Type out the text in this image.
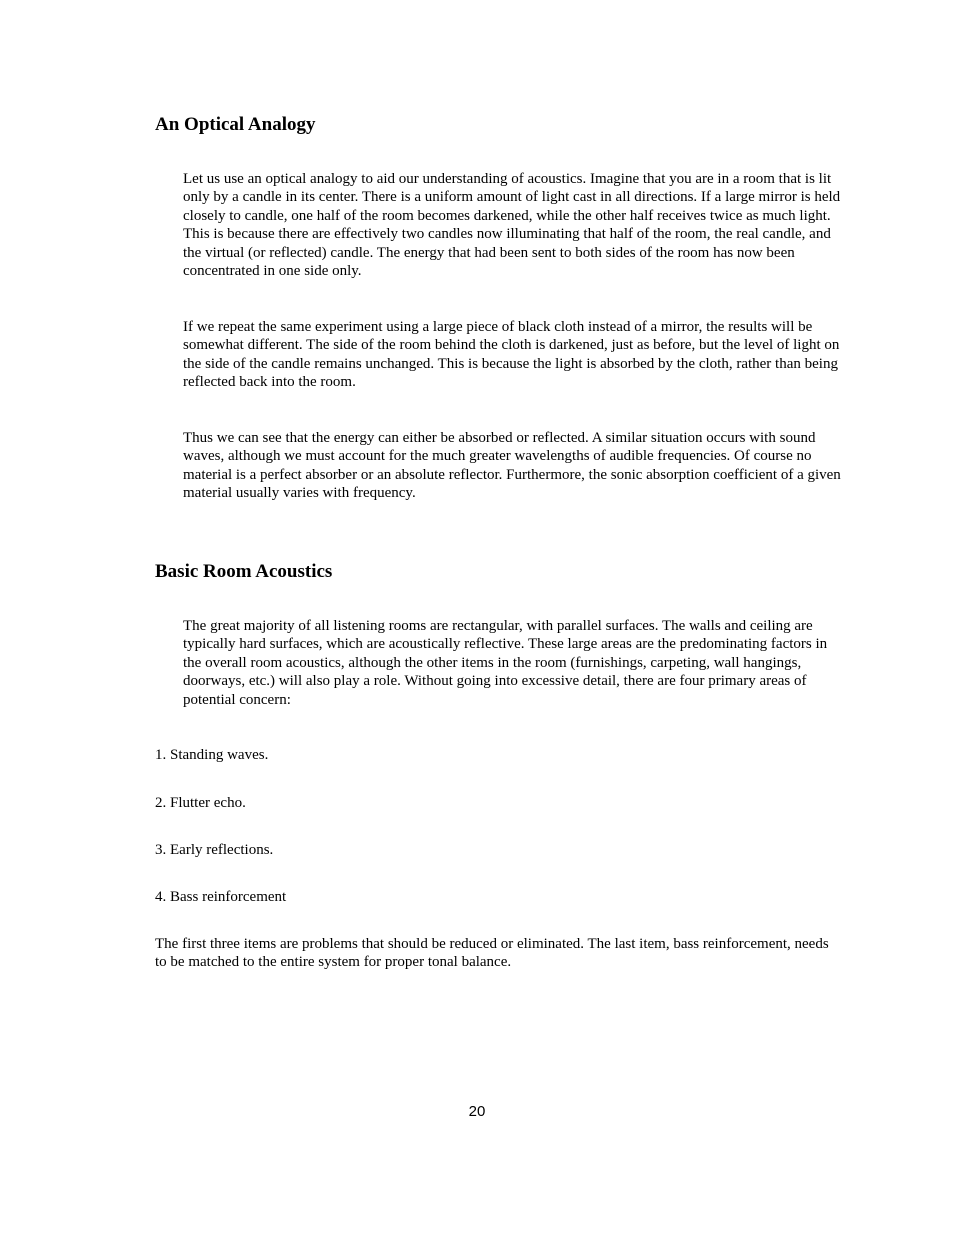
An Optical Analogy

Let us use an optical analogy to aid our understanding of acoustics. Imagine that you are in a room that is lit only by a candle in its center. There is a uniform amount of light cast in all directions. If a large mirror is held closely to candle, one half of the room becomes darkened, while the other half receives twice as much light. This is because there are effectively two candles now illuminating that half of the room, the real candle, and the virtual (or reflected) candle. The energy that had been sent to both sides of the room has now been concentrated in one side only.

If we repeat the same experiment using a large piece of black cloth instead of a mirror, the results will be somewhat different. The side of the room behind the cloth is darkened, just as before, but the level of light on the side of the candle remains unchanged. This is because the light is absorbed by the cloth, rather than being reflected back into the room.

Thus we can see that the energy can either be absorbed or reflected. A similar situation occurs with sound waves, although we must account for the much greater wavelengths of audible frequencies. Of course no material is a perfect absorber or an absolute reflector. Furthermore, the sonic absorption coefficient of a given material usually varies with frequency.

Basic Room Acoustics

The great majority of all listening rooms are rectangular, with parallel surfaces. The walls and ceiling are typically hard surfaces, which are acoustically reflective. These large areas are the predominating factors in the overall room acoustics, although the other items in the room (furnishings, carpeting, wall hangings, doorways, etc.) will also play a role. Without going into excessive detail, there are four primary areas of potential concern:

1. Standing waves.

2. Flutter echo.

3. Early reflections.

4. Bass reinforcement

The first three items are problems that should be reduced or eliminated. The last item, bass reinforcement, needs to be matched to the entire system for proper tonal balance.

20
